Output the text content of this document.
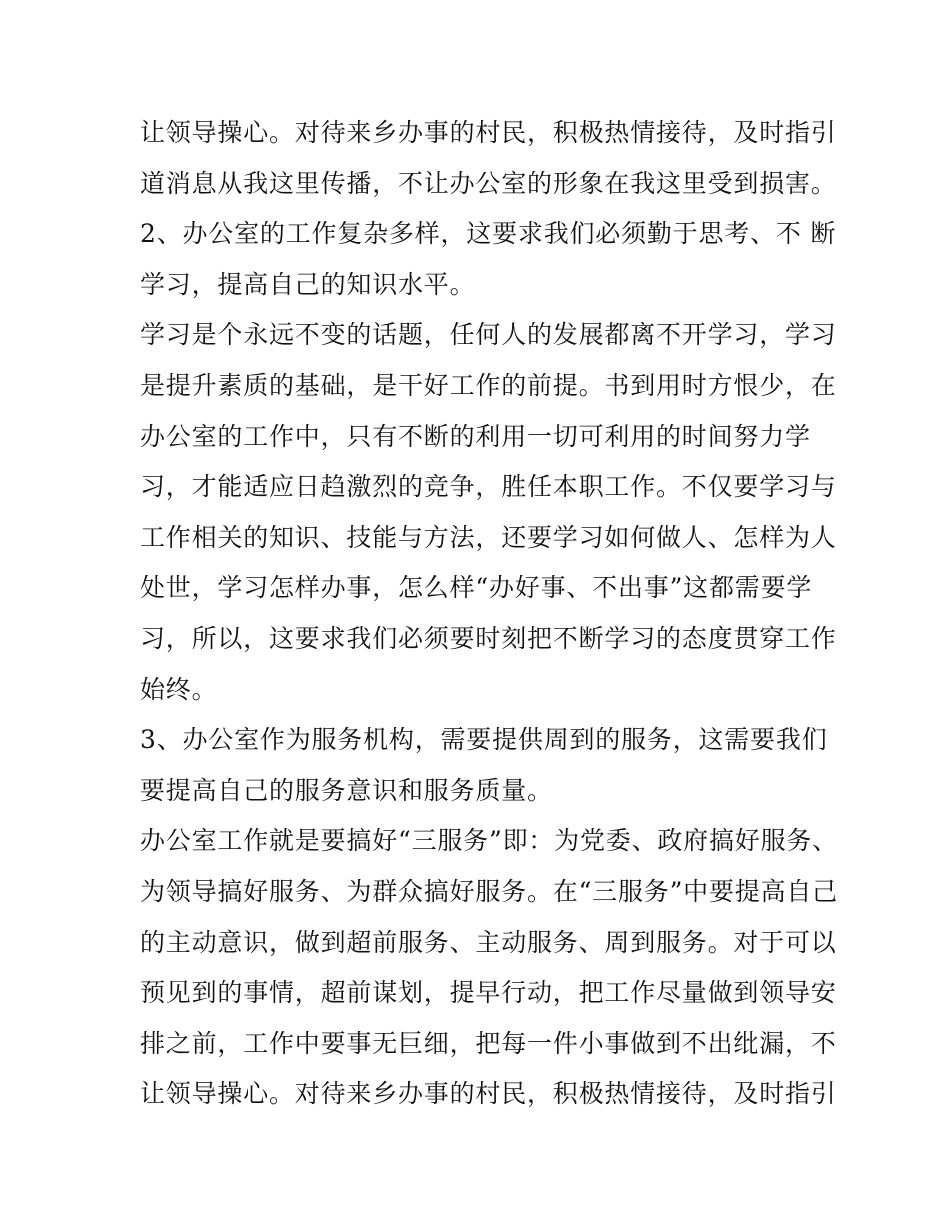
让领导操心。对待来乡办事的村民，积极热情接待，及时指引
道消息从我这里传播，不让办公室的形象在我这里受到损害。
2、办公室的工作复杂多样，这要求我们必须勤于思考、不 断
学习，提高自己的知识水平。
学习是个永远不变的话题，任何人的发展都离不开学习，学习
是提升素质的基础，是干好工作的前提。书到用时方恨少，在
办公室的工作中，只有不断的利用一切可利用的时间努力学
习，才能适应日趋激烈的竞争，胜任本职工作。不仅要学习与
工作相关的知识、技能与方法，还要学习如何做人、怎样为人
处世，学习怎样办事，怎么样“办好事、不出事”这都需要学
习，所以，这要求我们必须要时刻把不断学习的态度贯穿工作
始终。
3、办公室作为服务机构，需要提供周到的服务，这需要我们
要提高自己的服务意识和服务质量。
办公室工作就是要搞好“三服务”即：为党委、政府搞好服务、
为领导搞好服务、为群众搞好服务。在“三服务”中要提高自己
的主动意识，做到超前服务、主动服务、周到服务。对于可以
预见到的事情，超前谋划，提早行动，把工作尽量做到领导安
排之前，工作中要事无巨细，把每一件小事做到不出纰漏，不
让领导操心。对待来乡办事的村民，积极热情接待，及时指引
